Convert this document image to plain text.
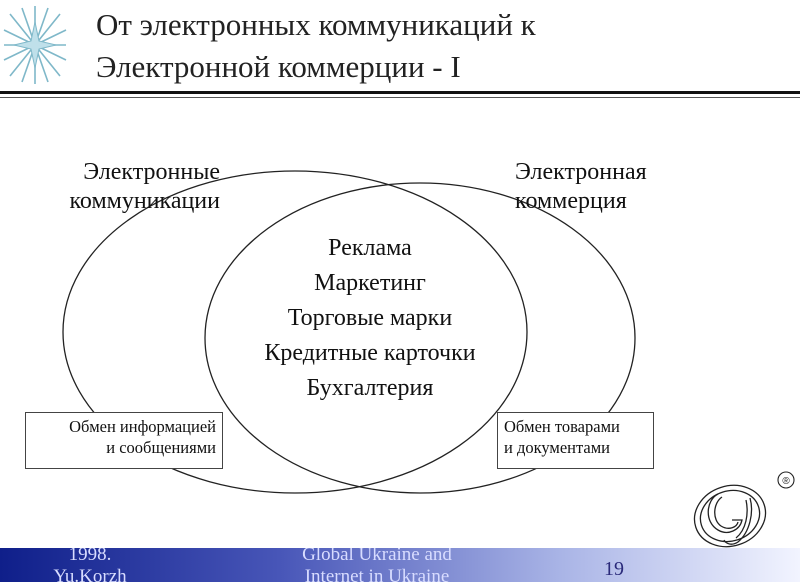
От электронных коммуникаций к
Электронной коммерции - I
Электронные
коммуникации
Электронная
коммерция
Реклама
Маркетинг
Торговые марки
Кредитные карточки
Бухгалтерия
Обмен информацией
и сообщениями
Обмен товарами
и документами
®
1998.
Yu.Korzh
Global Ukraine and
Internet in Ukraine	19
